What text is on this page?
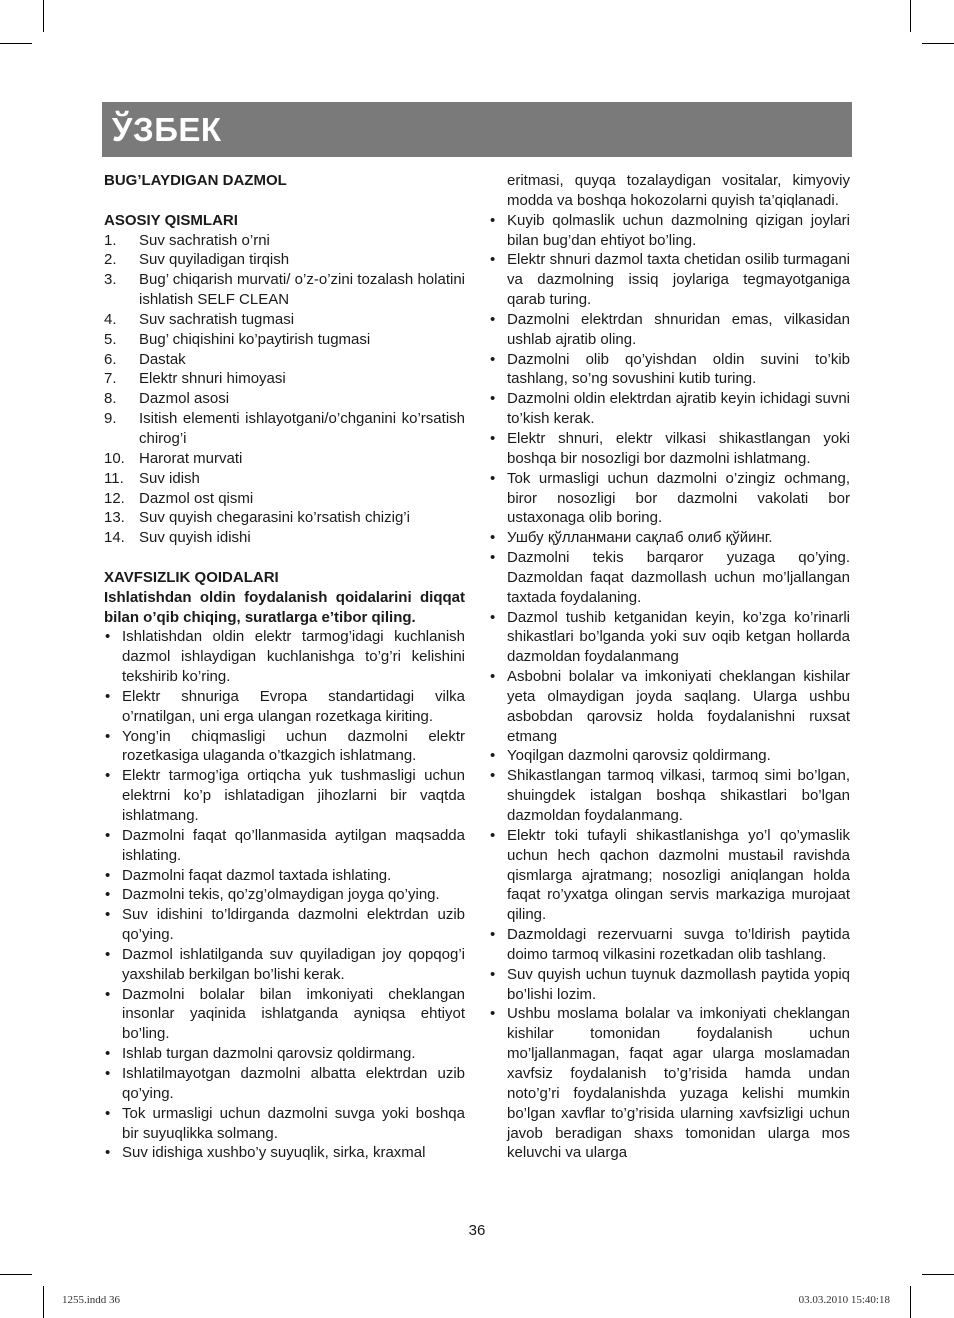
ЎЗБЕК

BUG’LAYDIGAN DAZMOL

ASOSIY QISMLARI

1. Suv sachratish o’rni
2. Suv quyiladigan tirqish
3. Bug’ chiqarish murvati/ o’z-o’zini tozalash holatini ishlatish SELF CLEAN
4. Suv sachratish tugmasi
5. Bug’ chiqishini ko’paytirish tugmasi
6. Dastak
7. Elektr shnuri himoyasi
8. Dazmol asosi
9. Isitish elementi ishlayotgani/o’chganini ko’rsatish chirog’i
10. Harorat murvati
11. Suv idish
12. Dazmol ost qismi
13. Suv quyish chegarasini ko’rsatish chizig’i
14. Suv quyish idishi

XAVFSIZLIK QOIDALARI

Ishlatishdan oldin foydalanish qoidalarini diqqat bilan o’qib chiqing, suratlarga e’tibor qiling.

• Ishlatishdan oldin elektr tarmog’idagi kuchlanish dazmol ishlaydigan kuchlanishga to’g’ri kelishini tekshirib ko’ring.
• Elektr shnuriga Evropa standartidagi vilka o’rnatilgan, uni erga ulangan rozetkaga kiriting.
• Yong’in chiqmasligi uchun dazmolni elektr rozetkasiga ulaganda o’tkazgich ishlatmang.
• Elektr tarmog’iga ortiqcha yuk tushmasligi uchun elektrni ko’p ishlatadigan jihozlarni bir vaqtda ishlatmang.
• Dazmolni faqat qo’llanmasida aytilgan maqsadda ishlating.
• Dazmolni faqat dazmol taxtada ishlating.
• Dazmolni tekis, qo’zg’olmaydigan joyga qo’ying.
• Suv idishini to’ldirganda dazmolni elektrdan uzib qo’ying.
• Dazmol ishlatilganda suv quyiladigan joy qopqog’i yaxshilab berkilgan bo’lishi kerak.
• Dazmolni bolalar bilan imkoniyati cheklangan insonlar yaqinida ishlatganda ayniqsa ehtiyot bo’ling.
• Ishlab turgan dazmolni qarovsiz qoldirmang.
• Ishlatilmayotgan dazmolni albatta elektrdan uzib qo’ying.
• Tok urmasligi uchun dazmolni suvga yoki boshqa bir suyuqlikka solmang.
• Suv idishiga xushbo’y suyuqlik, sirka, kraxmal

eritmasi, quyqa tozalaydigan vositalar, kimyoviy modda va boshqa hokozolarni quyish ta’qiqlanadi.

• Kuyib qolmaslik uchun dazmolning qizigan joylari bilan bug’dan ehtiyot bo’ling.
• Elektr shnuri dazmol taxta chetidan osilib turmagani va dazmolning issiq joylariga tegmayotganiga qarab turing.
• Dazmolni elektrdan shnuridan emas, vilkasidan ushlab ajratib oling.
• Dazmolni olib qo’yishdan oldin suvini to’kib tashlang, so’ng sovushini kutib turing.
• Dazmolni oldin elektrdan ajratib keyin ichidagi suvni to’kish kerak.
• Elektr shnuri, elektr vilkasi shikastlangan yoki boshqa bir nosozligi bor dazmolni ishlatmang.
• Tok urmasligi uchun dazmolni o’zingiz ochmang, biror nosozligi bor dazmolni vakolati bor ustaxonaga olib boring.
• Ушбу қўлланмани сақлаб олиб қўйинг.
• Dazmolni tekis barqaror yuzaga qo’ying. Dazmoldan faqat dazmollash uchun mo’ljallangan taxtada foydalaning.
• Dazmol tushib ketganidan keyin, ko’zga ko’rinarli shikastlari bo’lganda yoki suv oqib ketgan hollarda dazmoldan foydalanmang
• Asbobni bolalar va imkoniyati cheklangan kishilar yeta olmaydigan joyda saqlang. Ularga ushbu asbobdan qarovsiz holda foydalanishni ruxsat etmang
• Yoqilgan dazmolni qarovsiz qoldirmang.
• Shikastlangan tarmoq vilkasi, tarmoq simi bo’lgan, shuingdek istalgan boshqa shikastlari bo’lgan dazmoldan foydalanmang.
• Elektr toki tufayli shikastlanishga yo’l qo’ymaslik uchun hech qachon dazmolni mustaьil ravishda qismlarga ajratmang; nosozligi aniqlangan holda faqat ro’yxatga olingan servis markaziga murojaat qiling.
• Dazmoldagi rezervuarni suvga to’ldirish paytida doimo tarmoq vilkasini rozetkadan olib tashlang.
• Suv quyish uchun tuynuk dazmollash paytida yopiq bo’lishi lozim.
• Ushbu moslama bolalar va imkoniyati cheklangan kishilar tomonidan foydalanish uchun mo’ljallanmagan, faqat agar ularga moslamadan xavfsiz foydalanish to’g’risida hamda undan noto’g’ri foydalanishda yuzaga kelishi mumkin bo’lgan xavflar to’g’risida ularning xavfsizligi uchun javob beradigan shaxs tomonidan ularga mos keluvchi va ularga
36
1255.indd 36	03.03.2010 15:40:18
